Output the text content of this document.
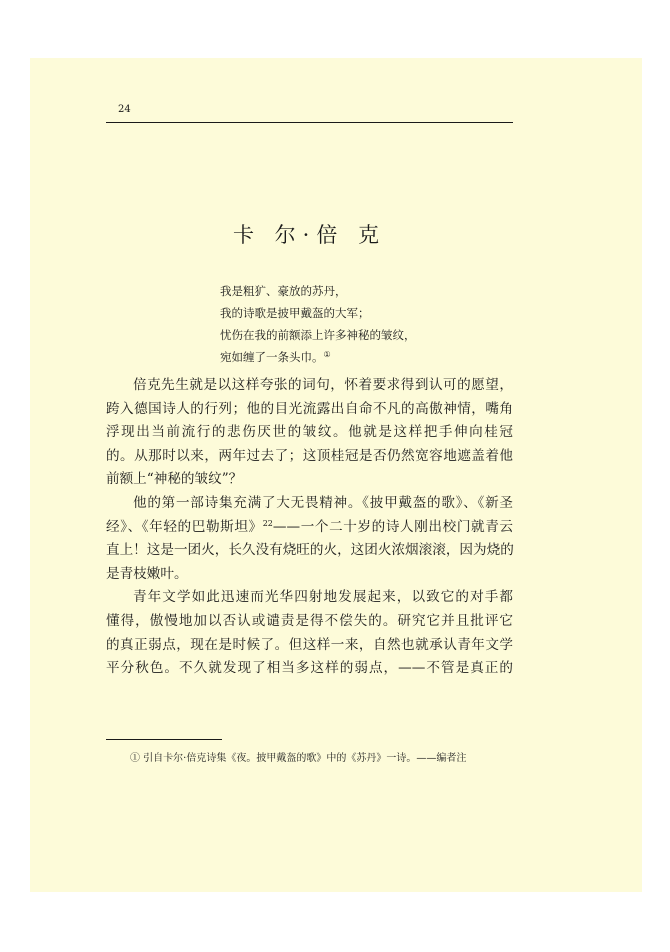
24
卡 尔·倍 克
我是粗犷、豪放的苏丹，
我的诗歌是披甲戴盔的大军；
忧伤在我的前额添上许多神秘的皱纹，
宛如缠了一条头巾。①
倍克先生就是以这样夸张的词句，怀着要求得到认可的愿望，
跨入德国诗人的行列；他的目光流露出自命不凡的高傲神情，嘴角
浮现出当前流行的悲伤厌世的皱纹。他就是这样把手伸向桂冠
的。从那时以来，两年过去了；这顶桂冠是否仍然宽容地遮盖着他
前额上“神秘的皱纹”？
他的第一部诗集充满了大无畏精神。《披甲戴盔的歌》、《新圣
经》、《年轻的巴勒斯坦》$^{22}$——一个二十岁的诗人刚出校门就青云
直上！这是一团火，长久没有烧旺的火，这团火浓烟滚滚，因为烧的
是青枝嫩叶。
青年文学如此迅速而光华四射地发展起来，以致它的对手都
懂得，傲慢地加以否认或谴责是得不偿失的。研究它并且批评它
的真正弱点，现在是时候了。但这样一来，自然也就承认青年文学
平分秋色。不久就发现了相当多这样的弱点，——不管是真正的
① 引自卡尔·倍克诗集《夜。披甲戴盔的歌》中的《苏丹》一诗。——编者注
